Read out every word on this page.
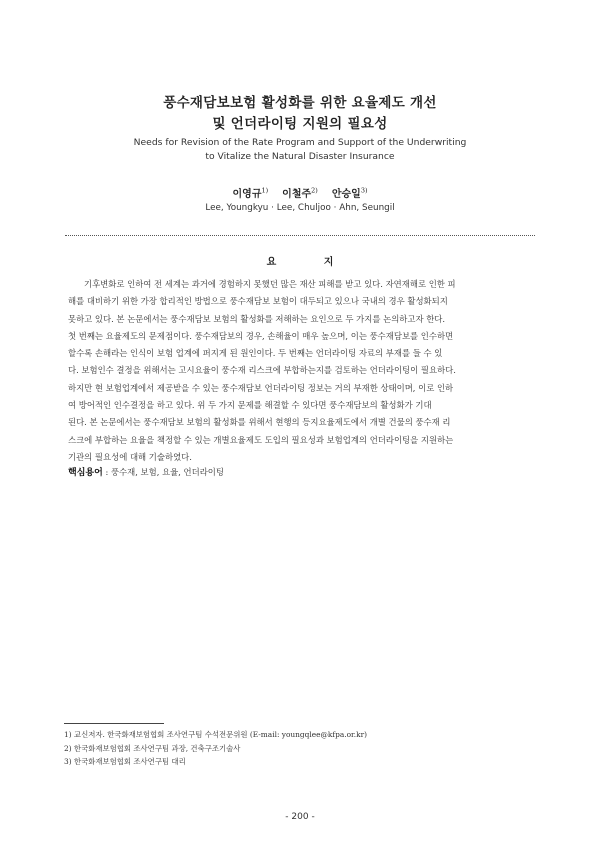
풍수재담보보험 활성화를 위한 요율제도 개선
및 언더라이팅 지원의 필요성
Needs for Revision of the Rate Program and Support of the Underwriting
to Vitalize the Natural Disaster Insurance
이영규$^{1)}$ 이철주$^{2)}$ 안승일$^{3)}$
Lee, Youngkyu · Lee, Chuljoo · Ahn, Seungil
요 지
기후변화로 인하여 전 세계는 과거에 경험하지 못했던 많은 재산 피해를 받고 있다. 자연재해로 인한 피
해를 대비하기 위한 가장 합리적인 방법으로 풍수재담보 보험이 대두되고 있으나 국내의 경우 활성화되지
못하고 있다. 본 논문에서는 풍수재담보 보험의 활성화를 저해하는 요인으로 두 가지를 논의하고자 한다.
첫 번째는 요율제도의 문제점이다. 풍수재담보의 경우, 손해율이 매우 높으며, 이는 풍수재담보를 인수하면
할수록 손해라는 인식이 보험 업계에 퍼지게 된 원인이다. 두 번째는 언더라이팅 자료의 부재를 들 수 있
다. 보험인수 결정을 위해서는 고시요율이 풍수재 리스크에 부합하는지를 검토하는 언더라이팅이 필요하다.
하지만 현 보험업계에서 제공받을 수 있는 풍수재담보 언더라이팅 정보는 거의 부재한 상태이며, 이로 인하
여 방어적인 인수결정을 하고 있다. 위 두 가지 문제를 해결할 수 있다면 풍수재담보의 활성화가 기대
된다. 본 논문에서는 풍수재담보 보험의 활성화를 위해서 현행의 등지요율제도에서 개별 건물의 풍수재 리
스크에 부합하는 요율을 책정할 수 있는 개별요율제도 도입의 필요성과 보험업계의 언더라이팅을 지원하는
기관의 필요성에 대해 기술하였다.
핵심용어 : 풍수재, 보험, 요율, 언더라이팅
1) 교신저자. 한국화재보험협회 조사연구팀 수석전문위원 (E-mail: youngqlee@kfpa.or.kr)
2) 한국화재보험협회 조사연구팀 과장, 건축구조기술사
3) 한국화재보험협회 조사연구팀 대리
- 200 -
